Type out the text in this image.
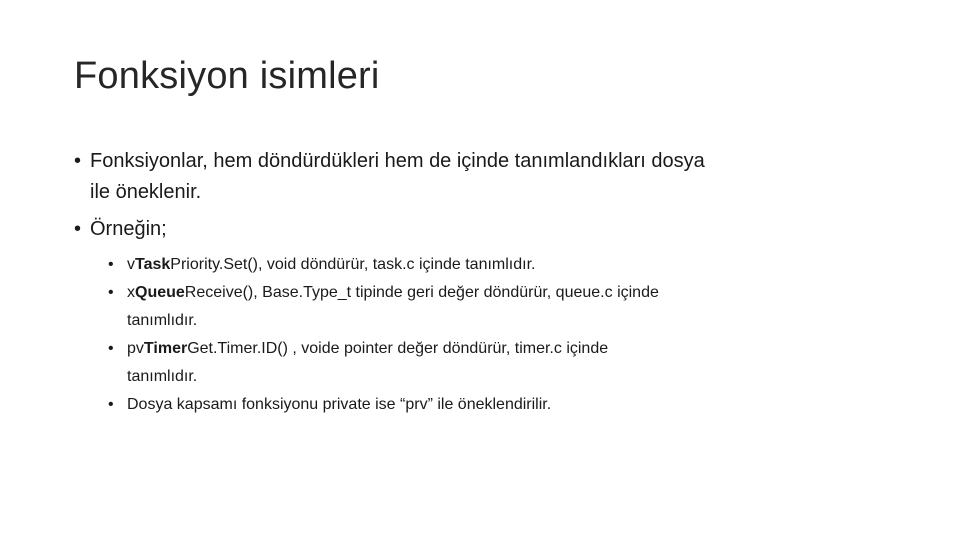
Fonksiyon isimleri
• Fonksiyonlar, hem döndürdükleri hem de içinde tanımlandıkları dosya
ile öneklenir.
• Örneğin;
• vTaskPriority.Set(), void döndürür, task.c içinde tanımlıdır.
• xQueueReceive(), Base.Type_t tipinde geri değer döndürür, queue.c içinde
tanımlıdır.
• pvTimerGet.Timer.ID() , voide pointer değer döndürür, timer.c içinde
tanımlıdır.
• Dosya kapsamı fonksiyonu private ise “prv” ile öneklendirilir.
